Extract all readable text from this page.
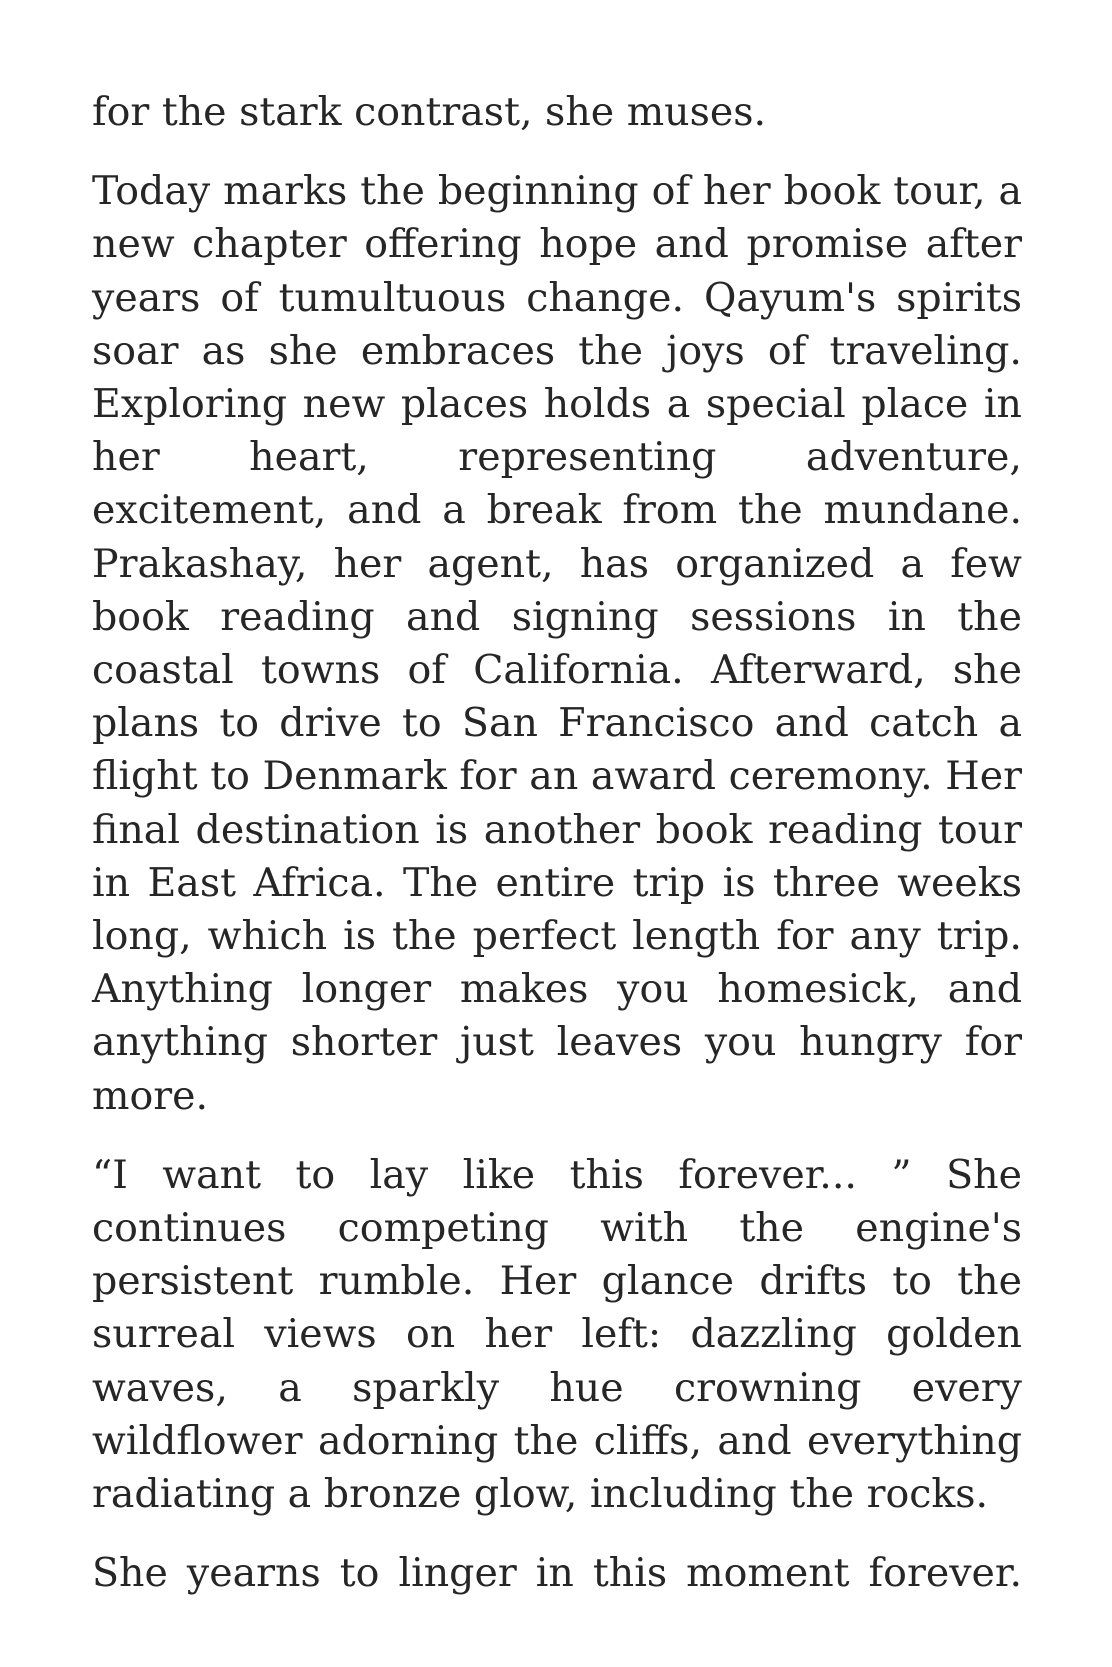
for the stark contrast, she muses.

Today marks the beginning of her book tour, a new chapter offering hope and promise after years of tumultuous change. Qayum's spirits soar as she embraces the joys of traveling. Exploring new places holds a special place in her heart, representing adventure, excitement, and a break from the mundane. Prakashay, her agent, has organized a few book reading and signing sessions in the coastal towns of California. Afterward, she plans to drive to San Francisco and catch a flight to Denmark for an award ceremony. Her final destination is another book reading tour in East Africa. The entire trip is three weeks long, which is the perfect length for any trip. Anything longer makes you homesick, and anything shorter just leaves you hungry for more.

“I want to lay like this forever... ” She continues competing with the engine's persistent rumble. Her glance drifts to the surreal views on her left: dazzling golden waves, a sparkly hue crowning every wildflower adorning the cliffs, and everything radiating a bronze glow, including the rocks.

She yearns to linger in this moment forever.
